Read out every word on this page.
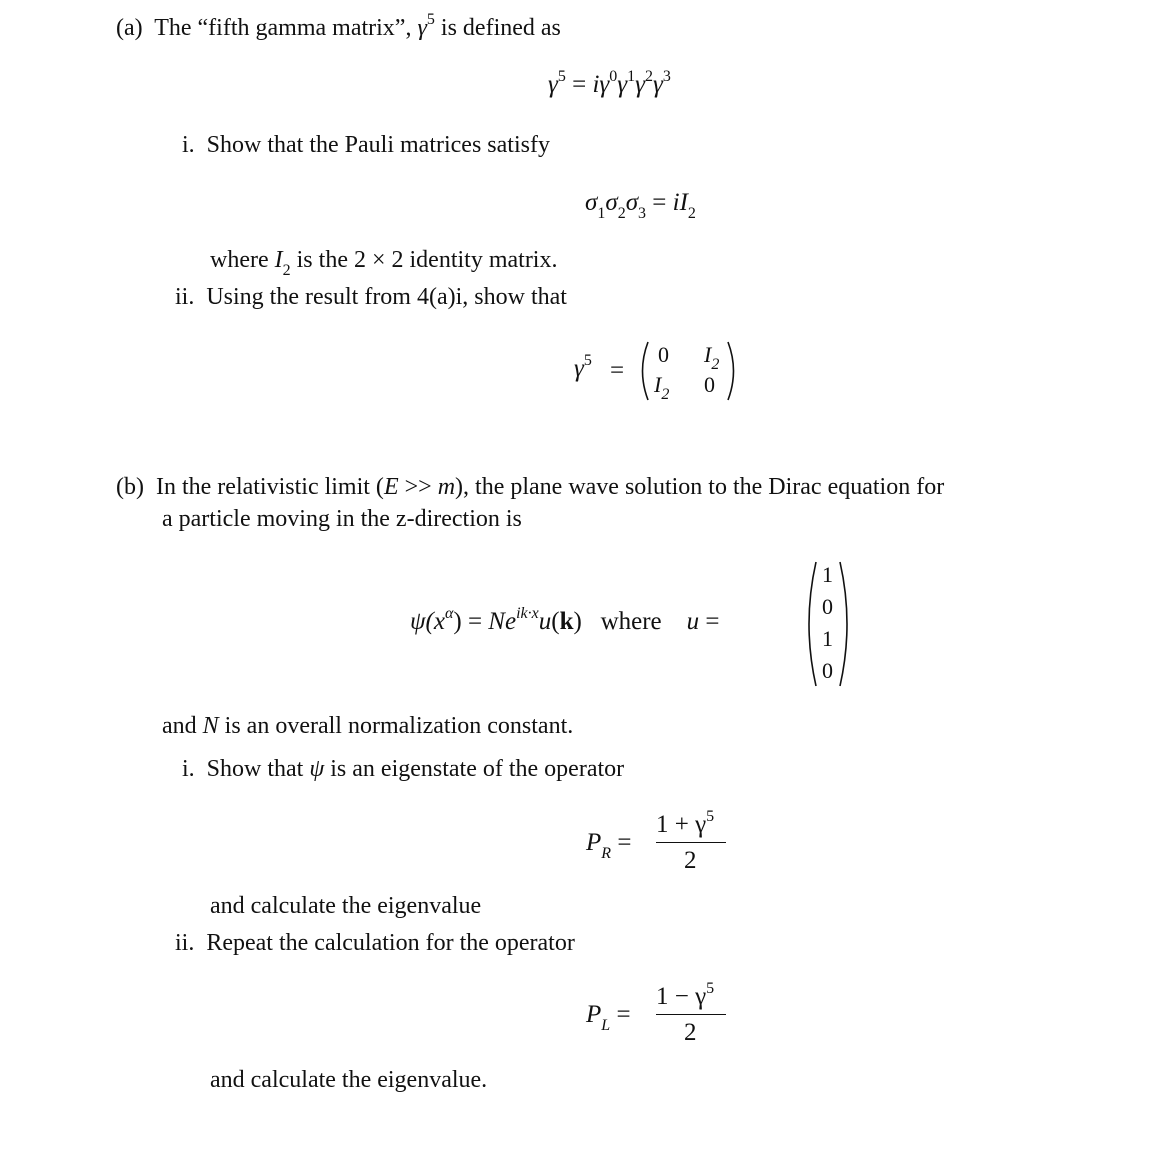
(a) The “fifth gamma matrix”, $\gamma^5$ is defined as
$\gamma^5 = i\gamma^0\gamma^1\gamma^2\gamma^3$
i. Show that the Pauli matrices satisfy
$\sigma_1\sigma_2\sigma_3 = iI_2$
where $I_2$ is the 2 × 2 identity matrix.
ii. Using the result from 4(a)i, show that
$\gamma^5$ =
0 $I_2$
$I_2$ 0
(b) In the relativistic limit (E >> m), the plane wave solution to the Dirac equation for
a particle moving in the z-direction is
$\psi(x^\alpha) = Ne^{ik\cdot x}u(k)$ where u =
1
0
1
0
and N is an overall normalization constant.
i. Show that ψ is an eigenstate of the operator
$P_R$ =
$1 + \gamma^5$
2
and calculate the eigenvalue
ii. Repeat the calculation for the operator
$P_L$ =
$1 - \gamma^5$
2
and calculate the eigenvalue.
